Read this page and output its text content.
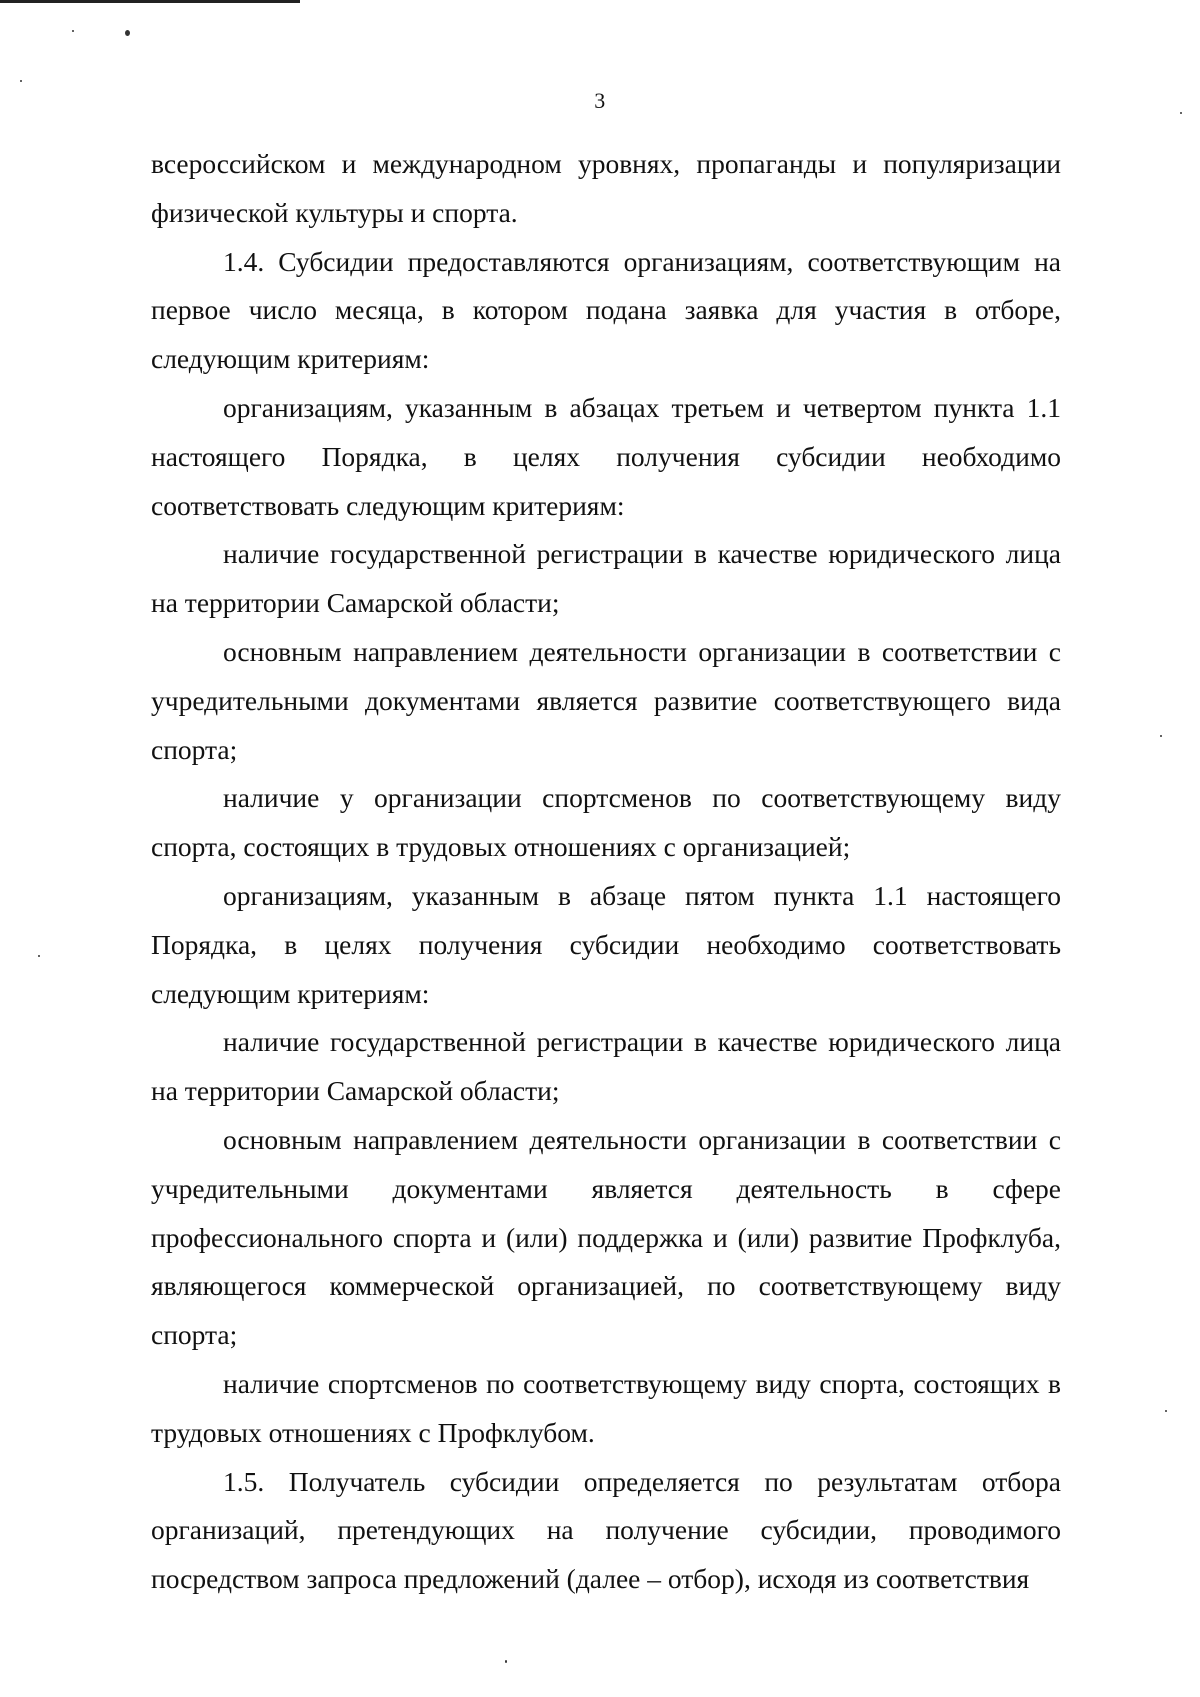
3

всероссийском и международном уровнях, пропаганды и популяризации физической культуры и спорта.

1.4. Субсидии предоставляются организациям, соответствующим на первое число месяца, в котором подана заявка для участия в отборе, следующим критериям:

организациям, указанным в абзацах третьем и четвертом пункта 1.1 настоящего Порядка, в целях получения субсидии необходимо соответствовать следующим критериям:

наличие государственной регистрации в качестве юридического лица на территории Самарской области;

основным направлением деятельности организации в соответствии с учредительными документами является развитие соответствующего вида спорта;

наличие у организации спортсменов по соответствующему виду спорта, состоящих в трудовых отношениях с организацией;

организациям, указанным в абзаце пятом пункта 1.1 настоящего Порядка, в целях получения субсидии необходимо соответствовать следующим критериям:

наличие государственной регистрации в качестве юридического лица на территории Самарской области;

основным направлением деятельности организации в соответствии с учредительными документами является деятельность в сфере профессионального спорта и (или) поддержка и (или) развитие Профклуба, являющегося коммерческой организацией, по соответствующему виду спорта;

наличие спортсменов по соответствующему виду спорта, состоящих в трудовых отношениях с Профклубом.

1.5. Получатель субсидии определяется по результатам отбора организаций, претендующих на получение субсидии, проводимого посредством запроса предложений (далее – отбор), исходя из соответствия
